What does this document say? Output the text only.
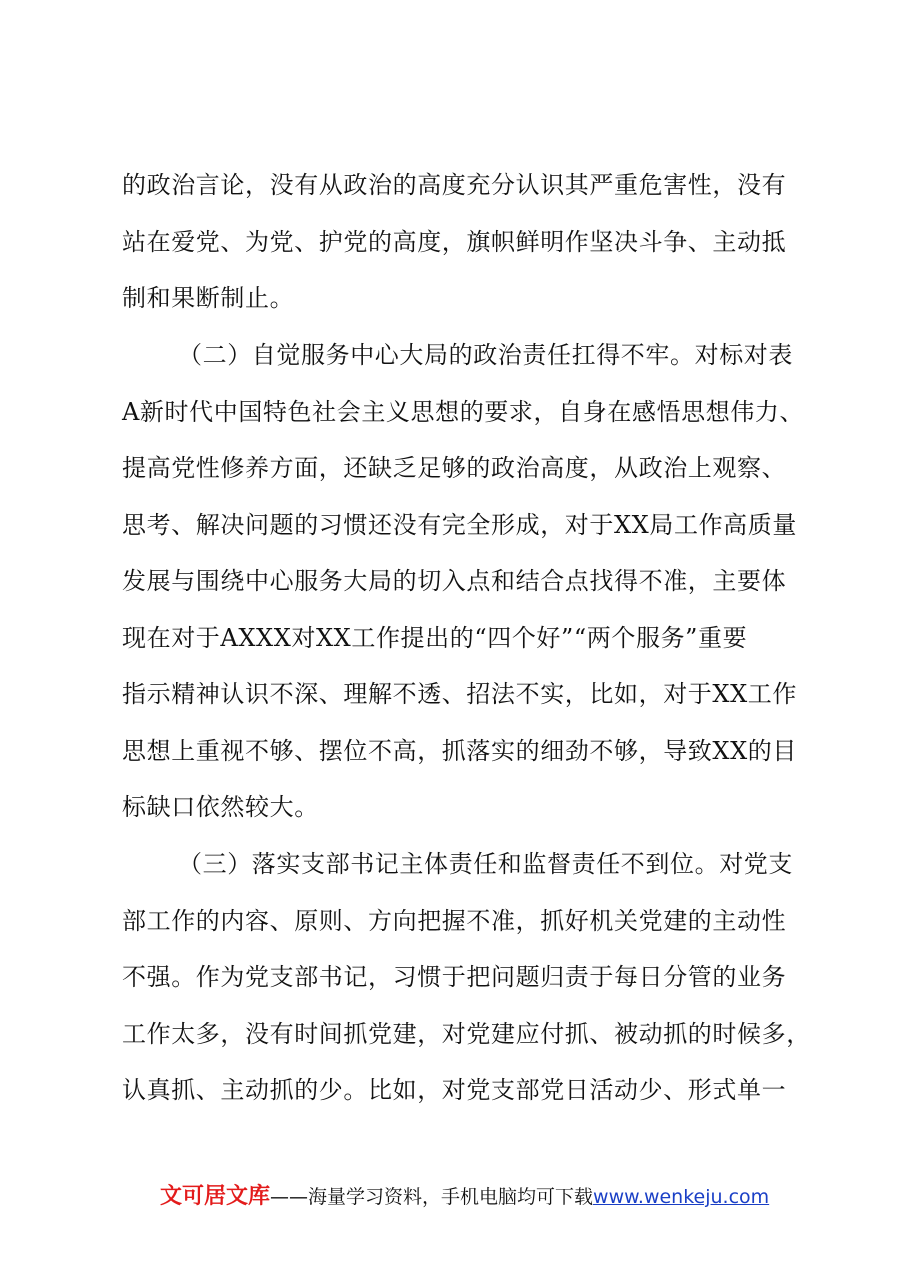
的政治言论，没有从政治的高度充分认识其严重危害性，没有
站在爱党、为党、护党的高度，旗帜鲜明作坚决斗争、主动抵
制和果断制止。
（二）自觉服务中心大局的政治责任扛得不牢。对标对表
A新时代中国特色社会主义思想的要求，自身在感悟思想伟力、
提高党性修养方面，还缺乏足够的政治高度，从政治上观察、
思考、解决问题的习惯还没有完全形成，对于XX局工作高质量
发展与围绕中心服务大局的切入点和结合点找得不准，主要体
现在对于AXXX对XX工作提出的“四个好”“两个服务”重要
指示精神认识不深、理解不透、招法不实，比如，对于XX工作
思想上重视不够、摆位不高，抓落实的细劲不够，导致XX的目
标缺口依然较大。
（三）落实支部书记主体责任和监督责任不到位。对党支
部工作的内容、原则、方向把握不准，抓好机关党建的主动性
不强。作为党支部书记，习惯于把问题归责于每日分管的业务
工作太多，没有时间抓党建，对党建应付抓、被动抓的时候多，
认真抓、主动抓的少。比如，对党支部党日活动少、形式单一
文可居文库——海量学习资料，手机电脑均可下载www.wenkeju.com
